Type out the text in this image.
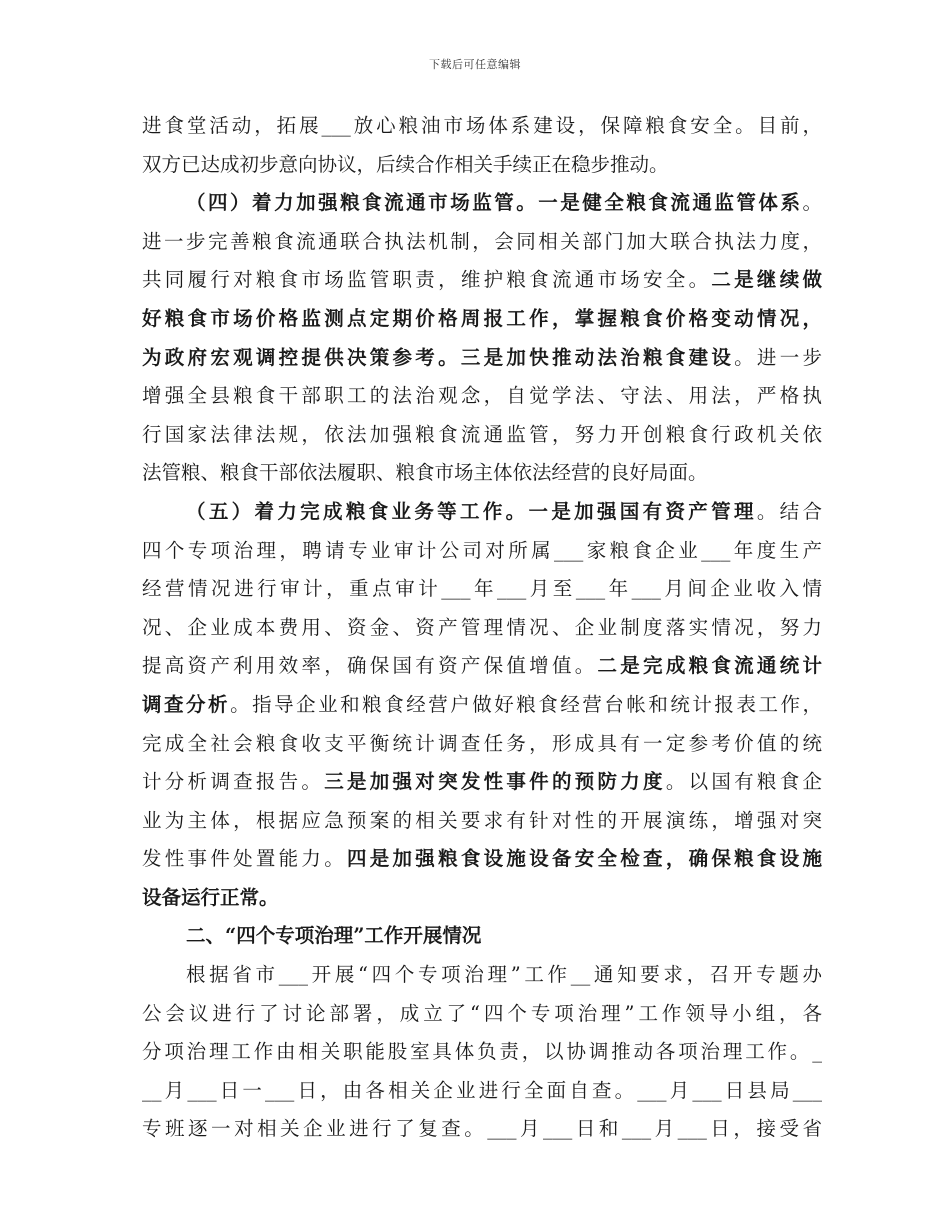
下载后可任意编辑
进食堂活动，拓展___放心粮油市场体系建设，保障粮食安全。目前，
双方已达成初步意向协议，后续合作相关手续正在稳步推动。
（四）着力加强粮食流通市场监管。一是健全粮食流通监管体系。
进一步完善粮食流通联合执法机制，会同相关部门加大联合执法力度，
共同履行对粮食市场监管职责，维护粮食流通市场安全。二是继续做
好粮食市场价格监测点定期价格周报工作，掌握粮食价格变动情况，
为政府宏观调控提供决策参考。三是加快推动法治粮食建设。进一步
增强全县粮食干部职工的法治观念，自觉学法、守法、用法，严格执
行国家法律法规，依法加强粮食流通监管，努力开创粮食行政机关依
法管粮、粮食干部依法履职、粮食市场主体依法经营的良好局面。
（五）着力完成粮食业务等工作。一是加强国有资产管理。结合
四个专项治理，聘请专业审计公司对所属___家粮食企业___年度生产
经营情况进行审计，重点审计___年___月至___年___月间企业收入情
况、企业成本费用、资金、资产管理情况、企业制度落实情况，努力
提高资产利用效率，确保国有资产保值增值。二是完成粮食流通统计
调查分析。指导企业和粮食经营户做好粮食经营台帐和统计报表工作，
完成全社会粮食收支平衡统计调查任务，形成具有一定参考价值的统
计分析调查报告。三是加强对突发性事件的预防力度。以国有粮食企
业为主体，根据应急预案的相关要求有针对性的开展演练，增强对突
发性事件处置能力。四是加强粮食设施设备安全检查，确保粮食设施
设备运行正常。
二、“四个专项治理”工作开展情况
根据省市___开展“四个专项治理”工作__通知要求，召开专题办
公会议进行了讨论部署，成立了“四个专项治理”工作领导小组，各
分项治理工作由相关职能股室具体负责，以协调推动各项治理工作。_
__月___日一___日，由各相关企业进行全面自查。___月___日县局___
专班逐一对相关企业进行了复查。___月___日和___月___日，接受省
